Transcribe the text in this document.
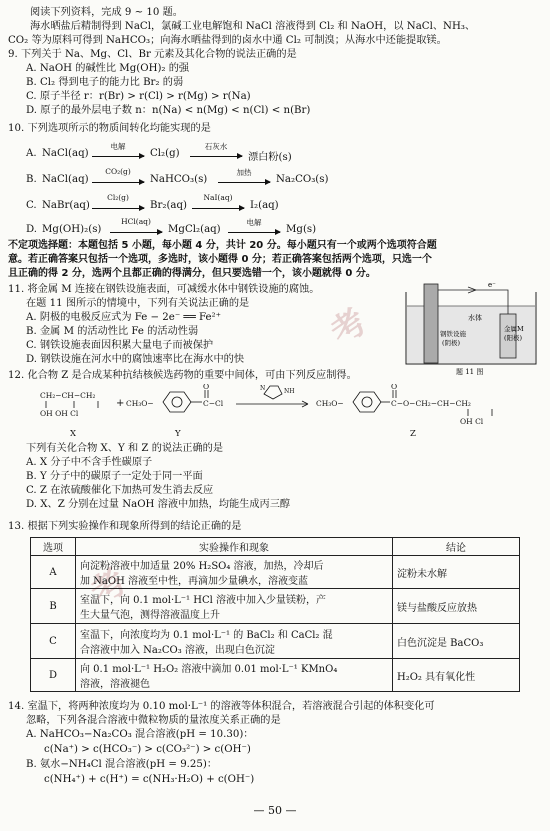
考
考
阅读下列资料，完成 9 ~ 10 题。
海水晒盐后精制得到 NaCl，氯碱工业电解饱和 NaCl 溶液得到 Cl₂ 和 NaOH，以 NaCl、NH₃、
CO₂ 等为原料可得到 NaHCO₃；向海水晒盐得到的卤水中通 Cl₂ 可制溴；从海水中还能提取镁。
9. 下列关于 Na、Mg、Cl、Br 元素及其化合物的说法正确的是
A. NaOH 的碱性比 Mg(OH)₂ 的强
B. Cl₂ 得到电子的能力比 Br₂ 的弱
C. 原子半径 r：r(Br) > r(Cl) > r(Mg) > r(Na)
D. 原子的最外层电子数 n：n(Na) < n(Mg) < n(Cl) < n(Br)
10. 下列选项所示的物质间转化均能实现的是
A. NaCl(aq)
电解
→ Cl₂(g)
石灰水
→ 漂白粉(s)
B. NaCl(aq)
CO₂(g)
→ NaHCO₃(s)
加热
→ Na₂CO₃(s)
C. NaBr(aq)
Cl₂(g)
→ Br₂(aq)
NaI(aq)
→ I₂(aq)
D. Mg(OH)₂(s)
HCl(aq)
→ MgCl₂(aq)
电解
→ Mg(s)
不定项选择题：本题包括 5 小题，每小题 4 分，共计 20 分。每小题只有一个或两个选项符合题
意。若正确答案只包括一个选项，多选时，该小题得 0 分；若正确答案包括两个选项，只选一个
且正确的得 2 分，选两个且都正确的得满分，但只要选错一个，该小题就得 0 分。
11. 将金属 M 连接在钢铁设施表面，可减缓水体中钢铁设施的腐蚀。
在题 11 图所示的情境中，下列有关说法正确的是
A. 阴极的电极反应式为 Fe − 2e⁻ ══ Fe²⁺
B. 金属 M 的活动性比 Fe 的活动性弱
C. 钢铁设施表面因积累大量电子而被保护
D. 钢铁设施在河水中的腐蚀速率比在海水中的快
e⁻
水体
钢铁设施
(阴极)
金属M
(阳极)
题 11 图
12. 化合物 Z 是合成某种抗结核候选药物的重要中间体，可由下列反应制得。
CH₂−CH−CH₂
OH OH Cl
X
+ CH₃O−	C−Cl
O
Y
NH
N
CH₃O−	C−O−CH₂−CH−CH₂
O
OH Cl
Z
下列有关化合物 X、Y 和 Z 的说法正确的是
A. X 分子中不含手性碳原子
B. Y 分子中的碳原子一定处于同一平面
C. Z 在浓硫酸催化下加热可发生消去反应
D. X、Z 分别在过量 NaOH 溶液中加热，均能生成丙三醇
13. 根据下列实验操作和现象所得到的结论正确的是
选项	实验操作和现象	结论
A	向淀粉溶液中加适量 20% H₂SO₄ 溶液，加热，冷却后
加 NaOH 溶液至中性，再滴加少量碘水，溶液变蓝	淀粉未水解
B	室温下，向 0.1 mol·L⁻¹ HCl 溶液中加入少量镁粉，产
生大量气泡，测得溶液温度上升	镁与盐酸反应放热
C	室温下，向浓度均为 0.1 mol·L⁻¹ 的 BaCl₂ 和 CaCl₂ 混
合溶液中加入 Na₂CO₃ 溶液，出现白色沉淀	白色沉淀是 BaCO₃
D	向 0.1 mol·L⁻¹ H₂O₂ 溶液中滴加 0.01 mol·L⁻¹ KMnO₄
溶液，溶液褪色	H₂O₂ 具有氧化性
14. 室温下，将两种浓度均为 0.10 mol·L⁻¹ 的溶液等体积混合，若溶液混合引起的体积变化可
忽略，下列各混合溶液中微粒物质的量浓度关系正确的是
A. NaHCO₃−Na₂CO₃ 混合溶液(pH = 10.30)：
c(Na⁺) > c(HCO₃⁻) > c(CO₃²⁻) > c(OH⁻)
B. 氨水−NH₄Cl 混合溶液(pH = 9.25)：
c(NH₄⁺) + c(H⁺) = c(NH₃·H₂O) + c(OH⁻)
— 50 —
